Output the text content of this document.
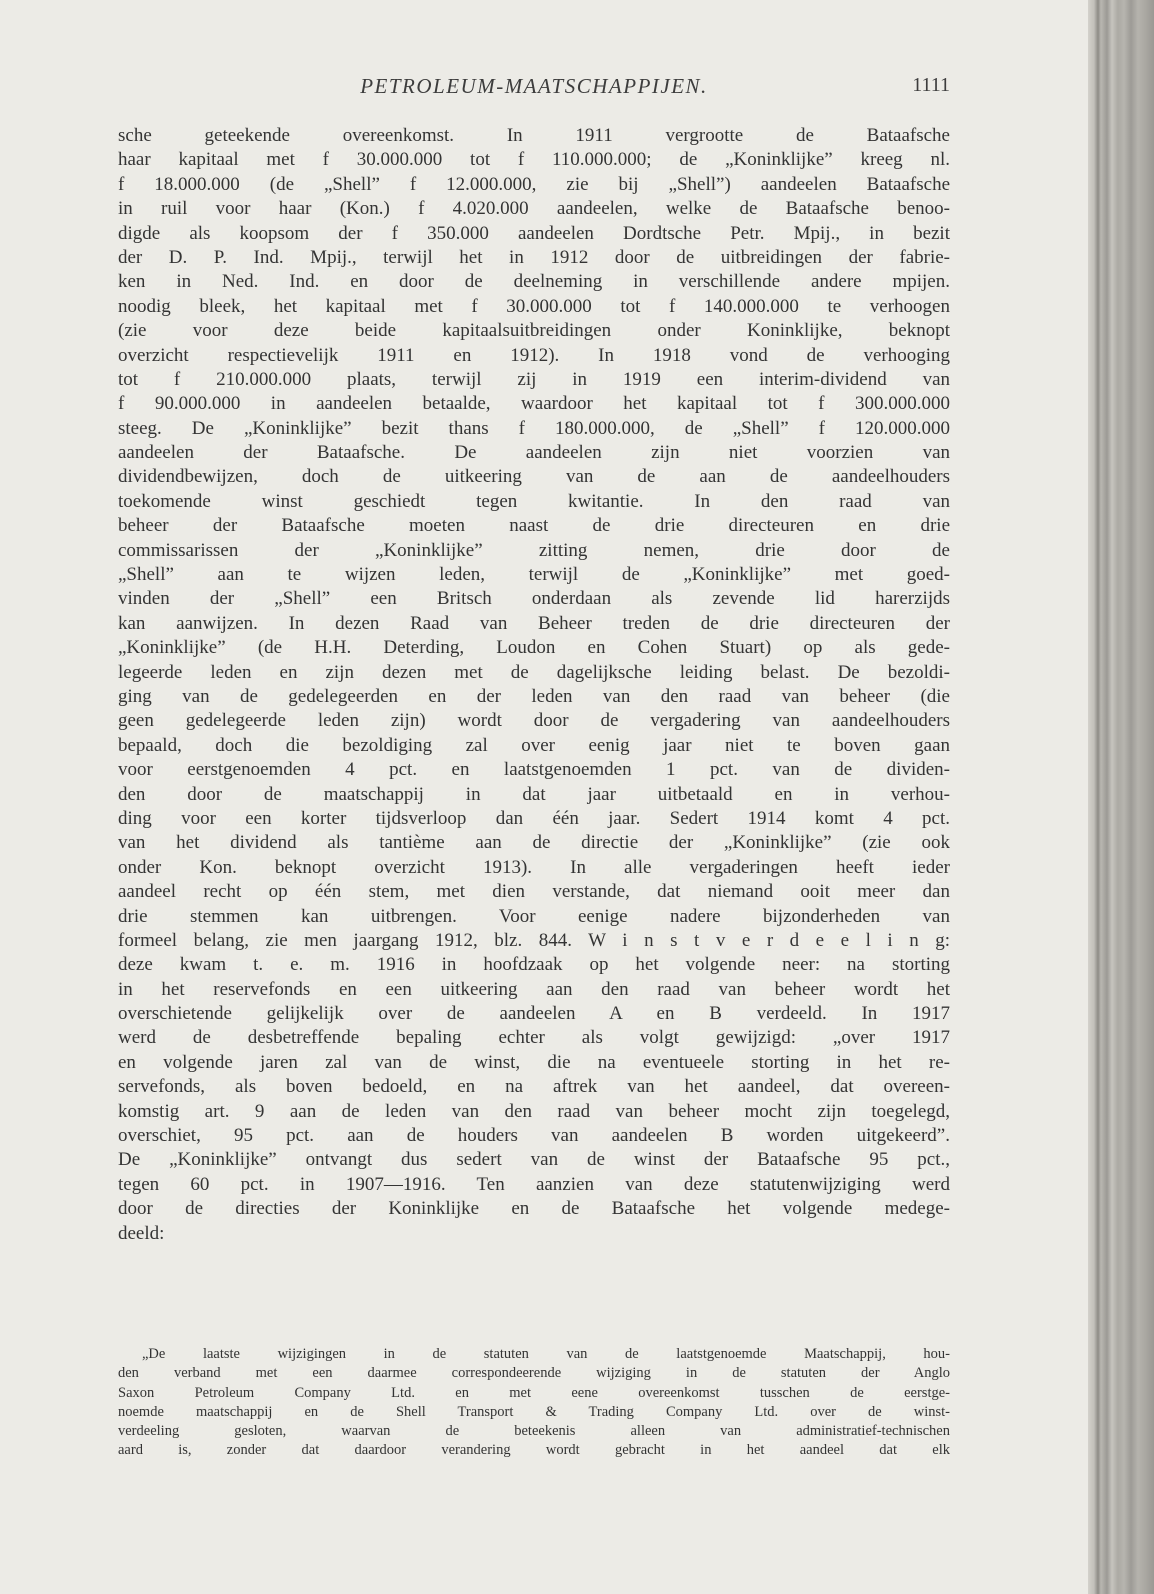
PETROLEUM-MAATSCHAPPIJEN.	1111
sche geteekende overeenkomst. In 1911 vergrootte de Bataafsche
haar kapitaal met f 30.000.000 tot f 110.000.000; de „Koninklijke” kreeg nl.
f 18.000.000 (de „Shell” f 12.000.000, zie bij „Shell”) aandeelen Bataafsche
in ruil voor haar (Kon.) f 4.020.000 aandeelen, welke de Bataafsche benoo-
digde als koopsom der f 350.000 aandeelen Dordtsche Petr. Mpij., in bezit
der D. P. Ind. Mpij., terwijl het in 1912 door de uitbreidingen der fabrie-
ken in Ned. Ind. en door de deelneming in verschillende andere mpijen.
noodig bleek, het kapitaal met f 30.000.000 tot f 140.000.000 te verhoogen
(zie voor deze beide kapitaalsuitbreidingen onder Koninklijke, beknopt
overzicht respectievelijk 1911 en 1912). In 1918 vond de verhooging
tot f 210.000.000 plaats, terwijl zij in 1919 een interim-dividend van
f 90.000.000 in aandeelen betaalde, waardoor het kapitaal tot f 300.000.000
steeg. De „Koninklijke” bezit thans f 180.000.000, de „Shell” f 120.000.000
aandeelen der Bataafsche. De aandeelen zijn niet voorzien van
dividendbewijzen, doch de uitkeering van de aan de aandeelhouders
toekomende winst geschiedt tegen kwitantie. In den raad van
beheer der Bataafsche moeten naast de drie directeuren en drie
commissarissen der „Koninklijke” zitting nemen, drie door de
„Shell” aan te wijzen leden, terwijl de „Koninklijke” met goed-
vinden der „Shell” een Britsch onderdaan als zevende lid harerzijds
kan aanwijzen. In dezen Raad van Beheer treden de drie directeuren der
„Koninklijke” (de H.H. Deterding, Loudon en Cohen Stuart) op als gede-
legeerde leden en zijn dezen met de dagelijksche leiding belast. De bezoldi-
ging van de gedelegeerden en der leden van den raad van beheer (die
geen gedelegeerde leden zijn) wordt door de vergadering van aandeelhouders
bepaald, doch die bezoldiging zal over eenig jaar niet te boven gaan
voor eerstgenoemden 4 pct. en laatstgenoemden 1 pct. van de dividen-
den door de maatschappij in dat jaar uitbetaald en in verhou-
ding voor een korter tijdsverloop dan één jaar. Sedert 1914 komt 4 pct.
van het dividend als tantième aan de directie der „Koninklijke” (zie ook
onder Kon. beknopt overzicht 1913). In alle vergaderingen heeft ieder
aandeel recht op één stem, met dien verstande, dat niemand ooit meer dan
drie stemmen kan uitbrengen. Voor eenige nadere bijzonderheden van
formeel belang, zie men jaargang 1912, blz. 844. W i n s t v e r d e e l i n g:
deze kwam t. e. m. 1916 in hoofdzaak op het volgende neer: na storting
in het reservefonds en een uitkeering aan den raad van beheer wordt het
overschietende gelijkelijk over de aandeelen A en B verdeeld. In 1917
werd de desbetreffende bepaling echter als volgt gewijzigd: „over 1917
en volgende jaren zal van de winst, die na eventueele storting in het re-
servefonds, als boven bedoeld, en na aftrek van het aandeel, dat overeen-
komstig art. 9 aan de leden van den raad van beheer mocht zijn toegelegd,
overschiet, 95 pct. aan de houders van aandeelen B worden uitgekeerd”.
De „Koninklijke” ontvangt dus sedert van de winst der Bataafsche 95 pct.,
tegen 60 pct. in 1907—1916. Ten aanzien van deze statutenwijziging werd
door de directies der Koninklijke en de Bataafsche het volgende medege-
deeld:
„De laatste wijzigingen in de statuten van de laatstgenoemde Maatschappij, hou-
den verband met een daarmee correspondeerende wijziging in de statuten der Anglo
Saxon Petroleum Company Ltd. en met eene overeenkomst tusschen de eerstge-
noemde maatschappij en de Shell Transport & Trading Company Ltd. over de winst-
verdeeling gesloten, waarvan de beteekenis alleen van administratief-technischen
aard is, zonder dat daardoor verandering wordt gebracht in het aandeel dat elk
